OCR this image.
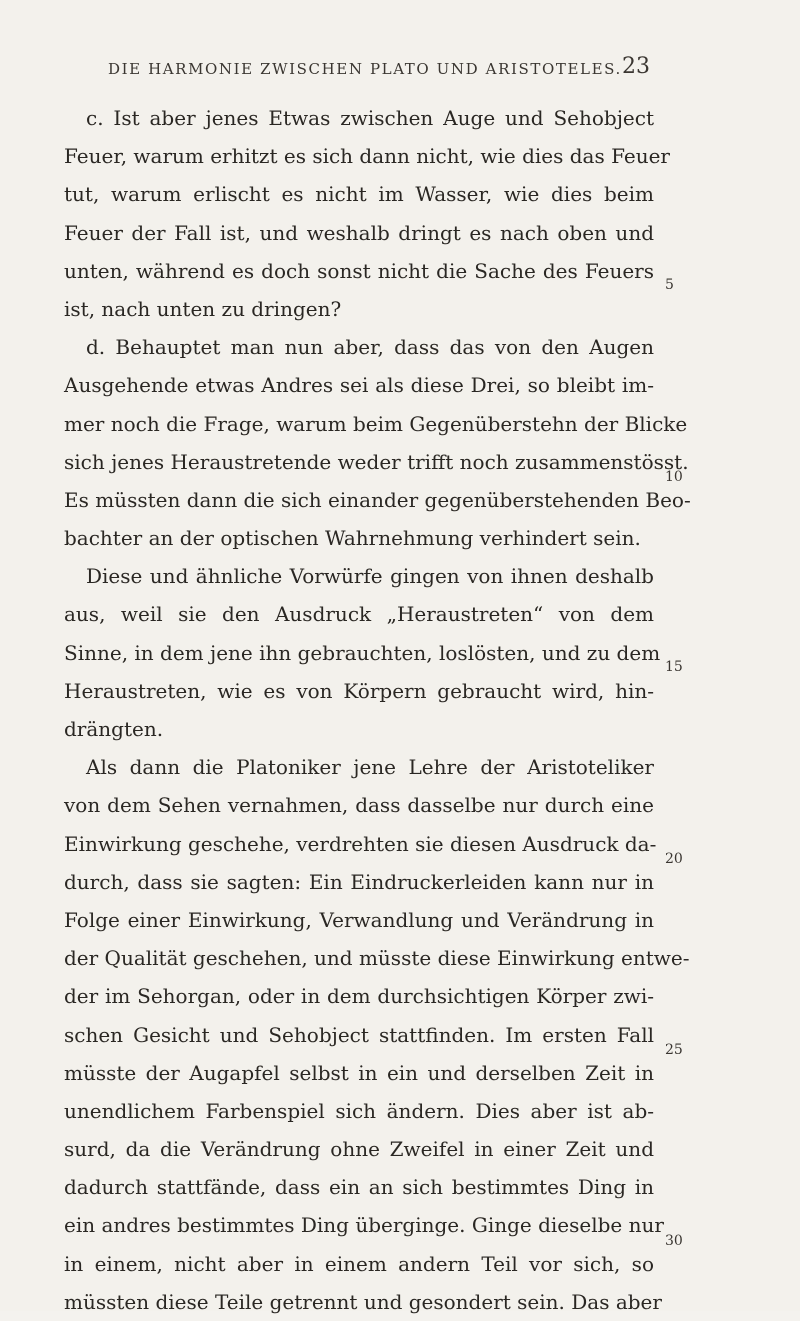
DIE HARMONIE ZWISCHEN PLATO UND ARISTOTELES. 23
c. Ist aber jenes Etwas zwischen Auge und Sehobject
Feuer, warum erhitzt es sich dann nicht, wie dies das Feuer
tut, warum erlischt es nicht im Wasser, wie dies beim
Feuer der Fall ist, und weshalb dringt es nach oben und
unten, während es doch sonst nicht die Sache des Feuers
ist, nach unten zu dringen?
d. Behauptet man nun aber, dass das von den Augen
Ausgehende etwas Andres sei als diese Drei, so bleibt im-
mer noch die Frage, warum beim Gegenüberstehn der Blicke
sich jenes Heraustretende weder trifft noch zusammenstösst.
Es müssten dann die sich einander gegenüberstehenden Beo-
bachter an der optischen Wahrnehmung verhindert sein.
Diese und ähnliche Vorwürfe gingen von ihnen deshalb
aus, weil sie den Ausdruck „Heraustreten“ von dem
Sinne, in dem jene ihn gebrauchten, loslösten, und zu dem
Heraustreten, wie es von Körpern gebraucht wird, hin-
drängten.
Als dann die Platoniker jene Lehre der Aristoteliker
von dem Sehen vernahmen, dass dasselbe nur durch eine
Einwirkung geschehe, verdrehten sie diesen Ausdruck da-
durch, dass sie sagten: Ein Eindruckerleiden kann nur in
Folge einer Einwirkung, Verwandlung und Verändrung in
der Qualität geschehen, und müsste diese Einwirkung entwe-
der im Sehorgan, oder in dem durchsichtigen Körper zwi-
schen Gesicht und Sehobject stattfinden. Im ersten Fall
müsste der Augapfel selbst in ein und derselben Zeit in
unendlichem Farbenspiel sich ändern. Dies aber ist ab-
surd, da die Verändrung ohne Zweifel in einer Zeit und
dadurch stattfände, dass ein an sich bestimmtes Ding in
ein andres bestimmtes Ding überginge. Ginge dieselbe nur
in einem, nicht aber in einem andern Teil vor sich, so
müssten diese Teile getrennt und gesondert sein. Das aber
5
10
15
20
25
30
